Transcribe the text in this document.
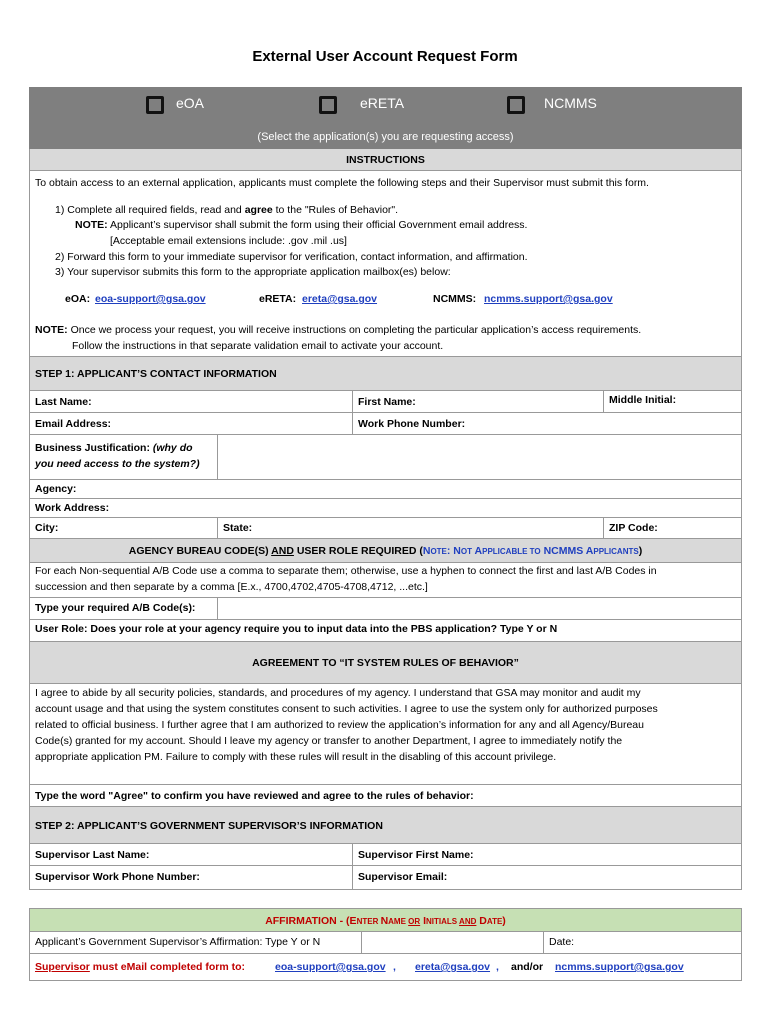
External User Account Request Form
eOA	eRETA	NCMMS
(Select the application(s) you are requesting access)
INSTRUCTIONS
To obtain access to an external application, applicants must complete the following steps and their Supervisor must submit this form.
1) Complete all required fields, read and agree to the "Rules of Behavior".
NOTE: Applicant’s supervisor shall submit the form using their official Government email address.
[Acceptable email extensions include: .gov .mil .us]
2) Forward this form to your immediate supervisor for verification, contact information, and affirmation.
3) Your supervisor submits this form to the appropriate application mailbox(es) below:
eOA: eoa-support@gsa.gov	eRETA: ereta@gsa.gov	NCMMS: ncmms.support@gsa.gov
NOTE: Once we process your request, you will receive instructions on completing the particular application’s access requirements.
Follow the instructions in that separate validation email to activate your account.
STEP 1: APPLICANT’S CONTACT INFORMATION
Last Name:	First Name:	Middle Initial:
Email Address:	Work Phone Number:
Business Justification: (why do
you need access to the system?)
Agency:
Work Address:
City:	State:	ZIP Code:
AGENCY BUREAU CODE(S) AND USER ROLE REQUIRED (NOTE: NOT APPLICABLE TO NCMMS APPLICANTS)
For each Non-sequential A/B Code use a comma to separate them; otherwise, use a hyphen to connect the first and last A/B Codes in
succession and then separate by a comma [E.x., 4700,4702,4705-4708,4712, ...etc.]
Type your required A/B Code(s):
User Role: Does your role at your agency require you to input data into the PBS application? Type Y or N
AGREEMENT TO “IT SYSTEM RULES OF BEHAVIOR”
I agree to abide by all security policies, standards, and procedures of my agency. I understand that GSA may monitor and audit my
account usage and that using the system constitutes consent to such activities. I agree to use the system only for authorized purposes
related to official business. I further agree that I am authorized to review the application’s information for any and all Agency/Bureau
Code(s) granted for my account. Should I leave my agency or transfer to another Department, I agree to immediately notify the
appropriate application PM. Failure to comply with these rules will result in the disabling of this account privilege.
Type the word "Agree" to confirm you have reviewed and agree to the rules of behavior:
STEP 2: APPLICANT’S GOVERNMENT SUPERVISOR’S INFORMATION
Supervisor Last Name:	Supervisor First Name:
Supervisor Work Phone Number:	Supervisor Email:
AFFIRMATION - (ENTER NAME OR INITIALS AND DATE)
Applicant’s Government Supervisor’s Affirmation: Type Y or N	Date:
Supervisor must eMail completed form to:	eoa-support@gsa.gov , ereta@gsa.gov , and/or ncmms.support@gsa.gov
